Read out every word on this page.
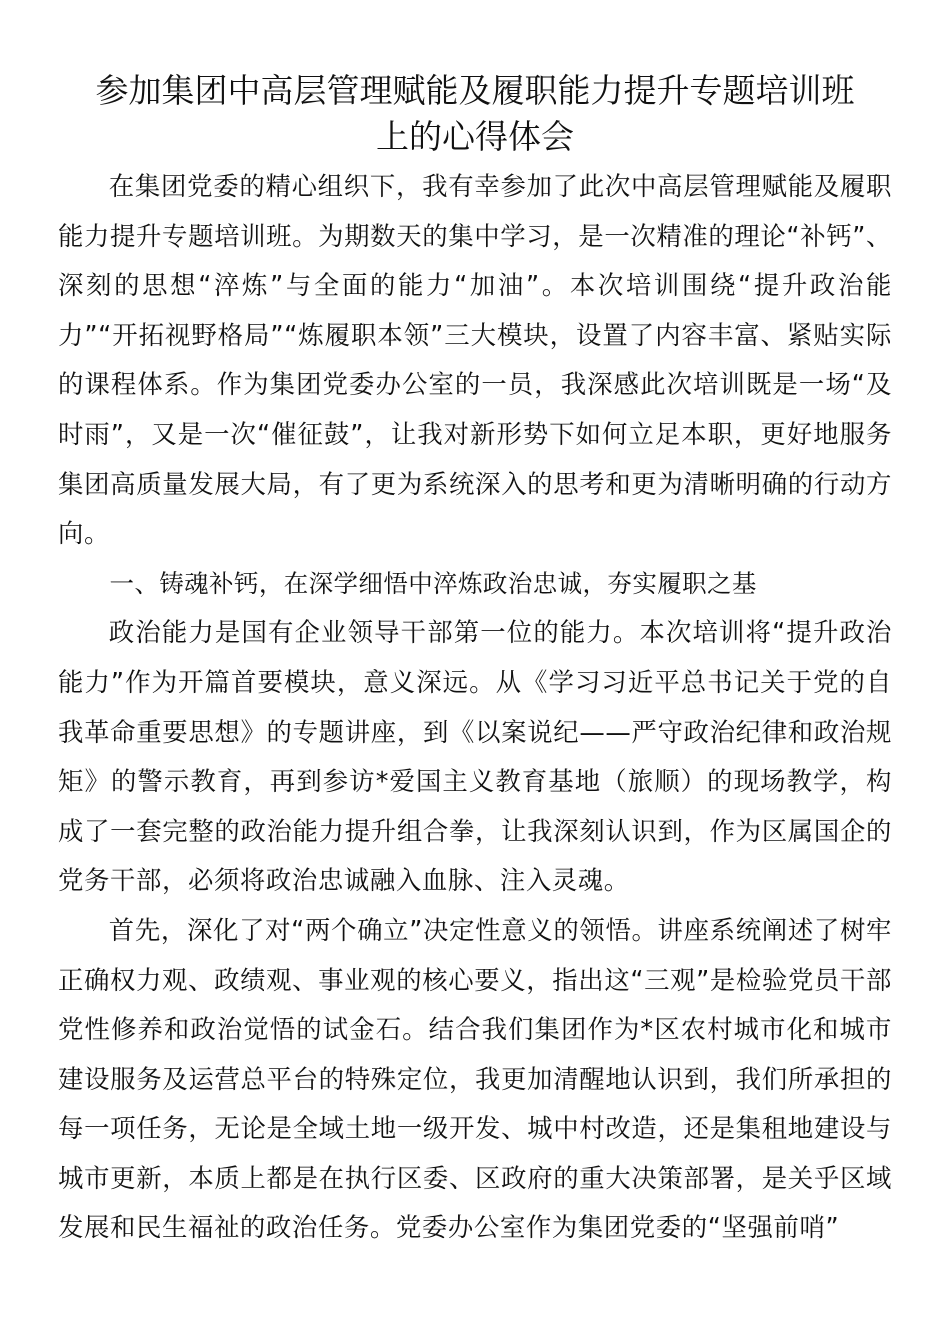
参加集团中高层管理赋能及履职能力提升专题培训班
上的心得体会

在集团党委的精心组织下，我有幸参加了此次中高层管理赋能及履职能力提升专题培训班。为期数天的集中学习，是一次精准的理论“补钙”、深刻的思想“淬炼”与全面的能力“加油”。本次培训围绕“提升政治能力”“开拓视野格局”“炼履职本领”三大模块，设置了内容丰富、紧贴实际的课程体系。作为集团党委办公室的一员，我深感此次培训既是一场“及时雨”，又是一次“催征鼓”，让我对新形势下如何立足本职，更好地服务集团高质量发展大局，有了更为系统深入的思考和更为清晰明确的行动方向。

一、铸魂补钙，在深学细悟中淬炼政治忠诚，夯实履职之基

政治能力是国有企业领导干部第一位的能力。本次培训将“提升政治能力”作为开篇首要模块，意义深远。从《学习习近平总书记关于党的自我革命重要思想》的专题讲座，到《以案说纪——严守政治纪律和政治规矩》的警示教育，再到参访*爱国主义教育基地（旅顺）的现场教学，构成了一套完整的政治能力提升组合拳，让我深刻认识到，作为区属国企的党务干部，必须将政治忠诚融入血脉、注入灵魂。

首先，深化了对“两个确立”决定性意义的领悟。讲座系统阐述了树牢正确权力观、政绩观、事业观的核心要义，指出这“三观”是检验党员干部党性修养和政治觉悟的试金石。结合我们集团作为*区农村城市化和城市建设服务及运营总平台的特殊定位，我更加清醒地认识到，我们所承担的每一项任务，无论是全域土地一级开发、城中村改造，还是集租地建设与城市更新，本质上都是在执行区委、区政府的重大决策部署，是关乎区域发展和民生福祉的政治任务。党委办公室作为集团党委的“坚强前哨”
